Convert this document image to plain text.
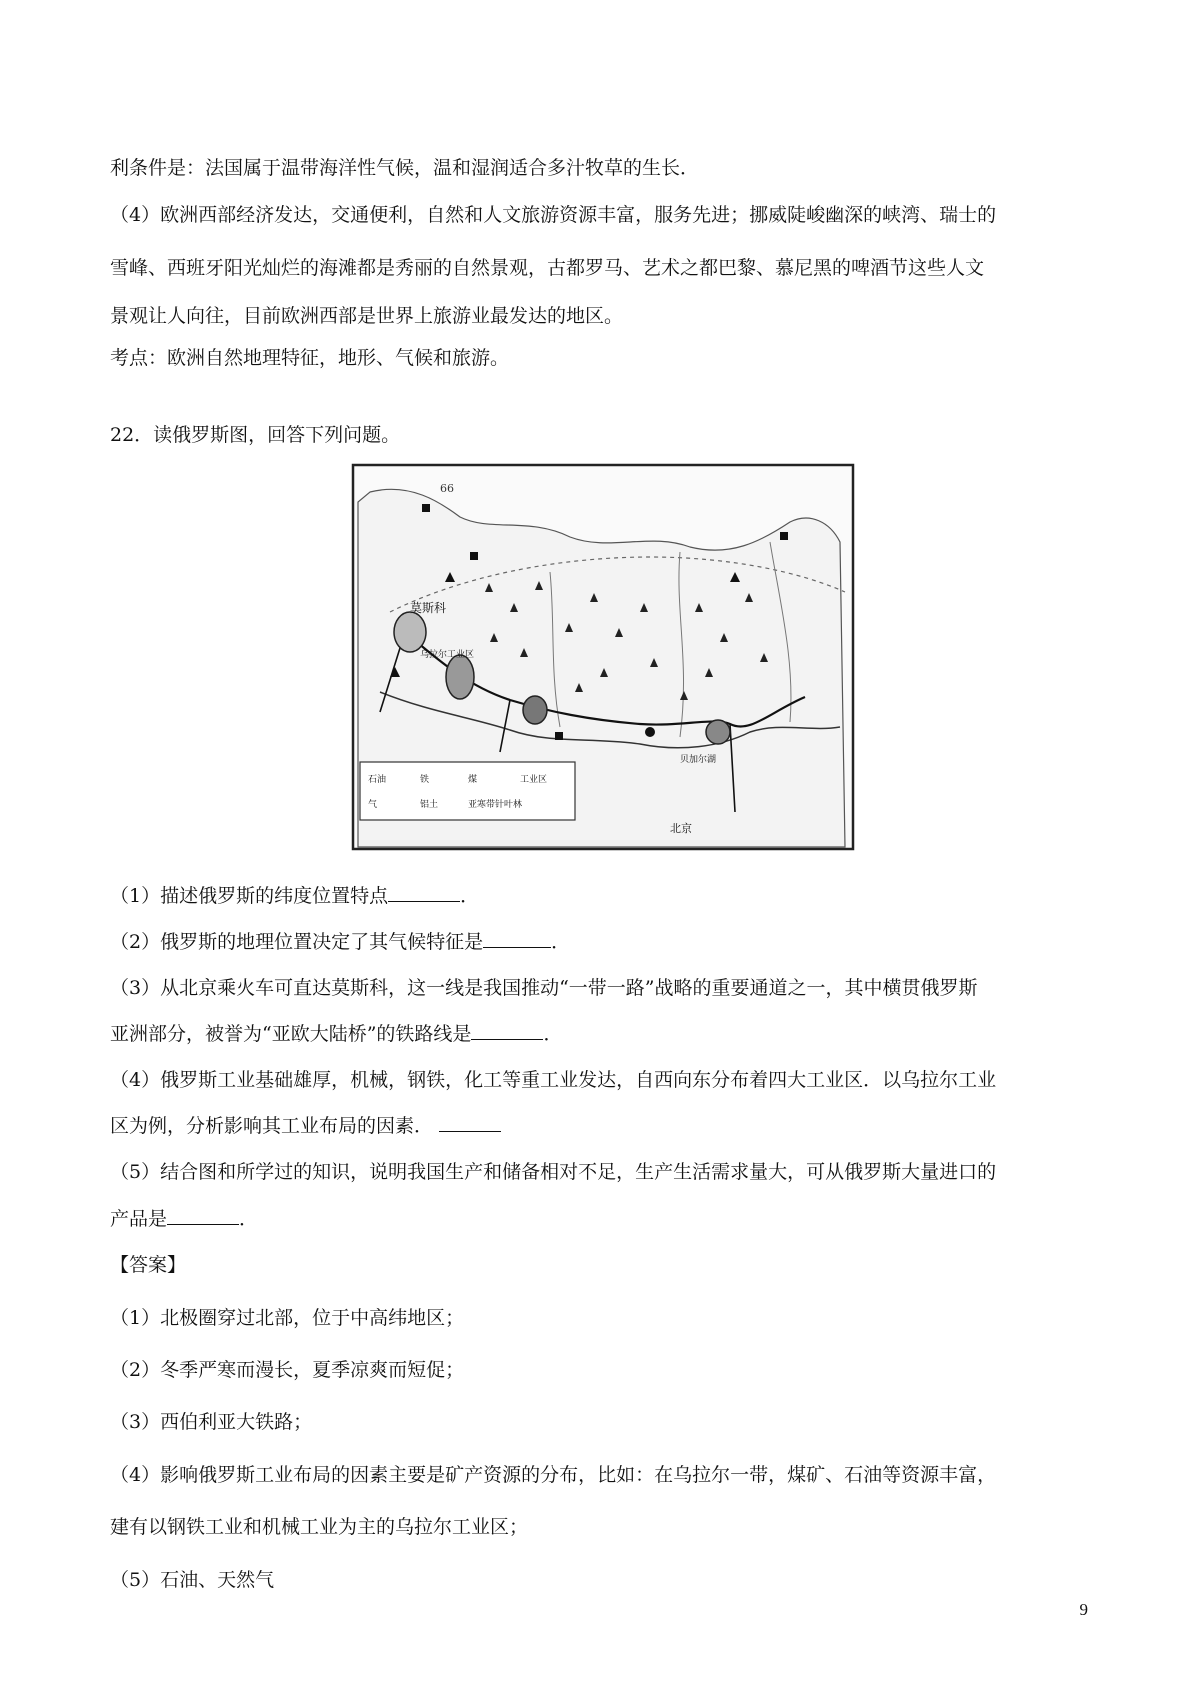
利条件是：法国属于温带海洋性气候，温和湿润适合多汁牧草的生长．
（4）欧洲西部经济发达，交通便利，自然和人文旅游资源丰富，服务先进；挪威陡峻幽深的峡湾、瑞士的
雪峰、西班牙阳光灿烂的海滩都是秀丽的自然景观，古都罗马、艺术之都巴黎、慕尼黑的啤酒节这些人文
景观让人向往，目前欧洲西部是世界上旅游业最发达的地区。
考点：欧洲自然地理特征，地形、气候和旅游。
22．读俄罗斯图，回答下列问题。
66
莫斯科
乌拉尔工业区
贝加尔湖
北京
石油	铁	煤	工业区
气	铝土	亚寒带针叶林
（1）描述俄罗斯的纬度位置特点	．
（2）俄罗斯的地理位置决定了其气候特征是	．
（3）从北京乘火车可直达莫斯科，这一线是我国推动“一带一路”战略的重要通道之一，其中横贯俄罗斯
亚洲部分，被誉为“亚欧大陆桥”的铁路线是	．
（4）俄罗斯工业基础雄厚，机械，钢铁，化工等重工业发达，自西向东分布着四大工业区．以乌拉尔工业
区为例，分析影响其工业布局的因素．
（5）结合图和所学过的知识，说明我国生产和储备相对不足，生产生活需求量大，可从俄罗斯大量进口的
产品是	．
【答案】
（1）北极圈穿过北部，位于中高纬地区；
（2）冬季严寒而漫长，夏季凉爽而短促；
（3）西伯利亚大铁路；
（4）影响俄罗斯工业布局的因素主要是矿产资源的分布，比如：在乌拉尔一带，煤矿、石油等资源丰富，
建有以钢铁工业和机械工业为主的乌拉尔工业区；
（5）石油、天然气
9
